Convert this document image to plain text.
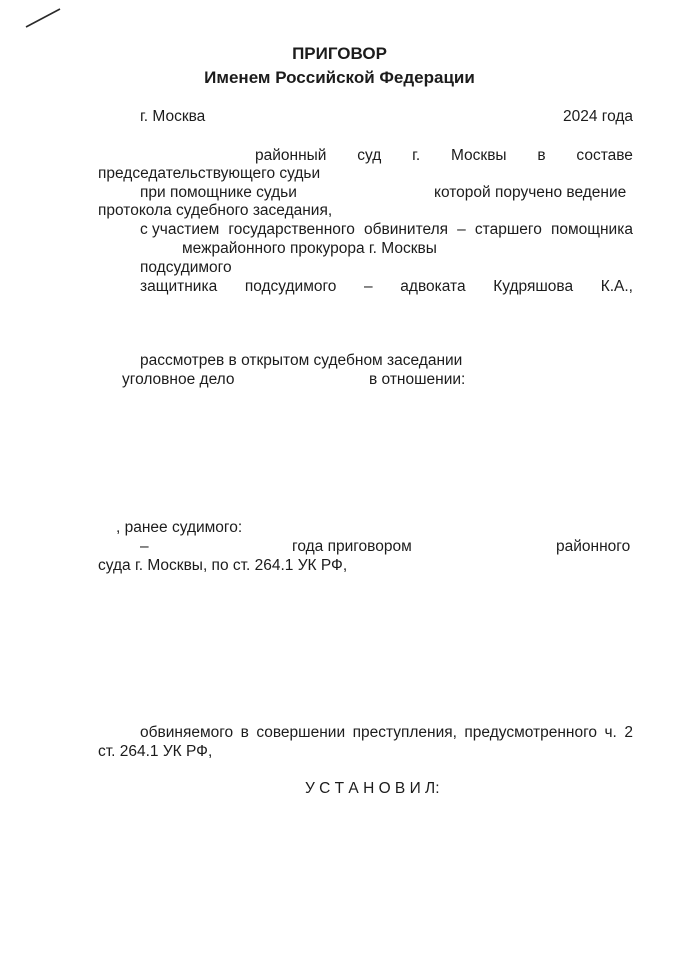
ПРИГОВОР
Именем Российской Федерации
г. Москва	2024 года
районный суд г. Москвы в составе
председательствующего судьи
при помощнике судьи	которой поручено ведение
протокола судебного заседания,
с участием государственного обвинителя – старшего помощника
межрайонного прокурора г. Москвы
подсудимого
защитника подсудимого – адвоката Кудряшова К.А.,
рассмотрев в открытом судебном заседании
уголовное дело	в отношении:
, ранее судимого:
–	года приговором	районного
суда г. Москвы, по ст. 264.1 УК РФ,
обвиняемого в совершении преступления, предусмотренного ч. 2
ст. 264.1 УК РФ,
У С Т А Н О В И Л:
